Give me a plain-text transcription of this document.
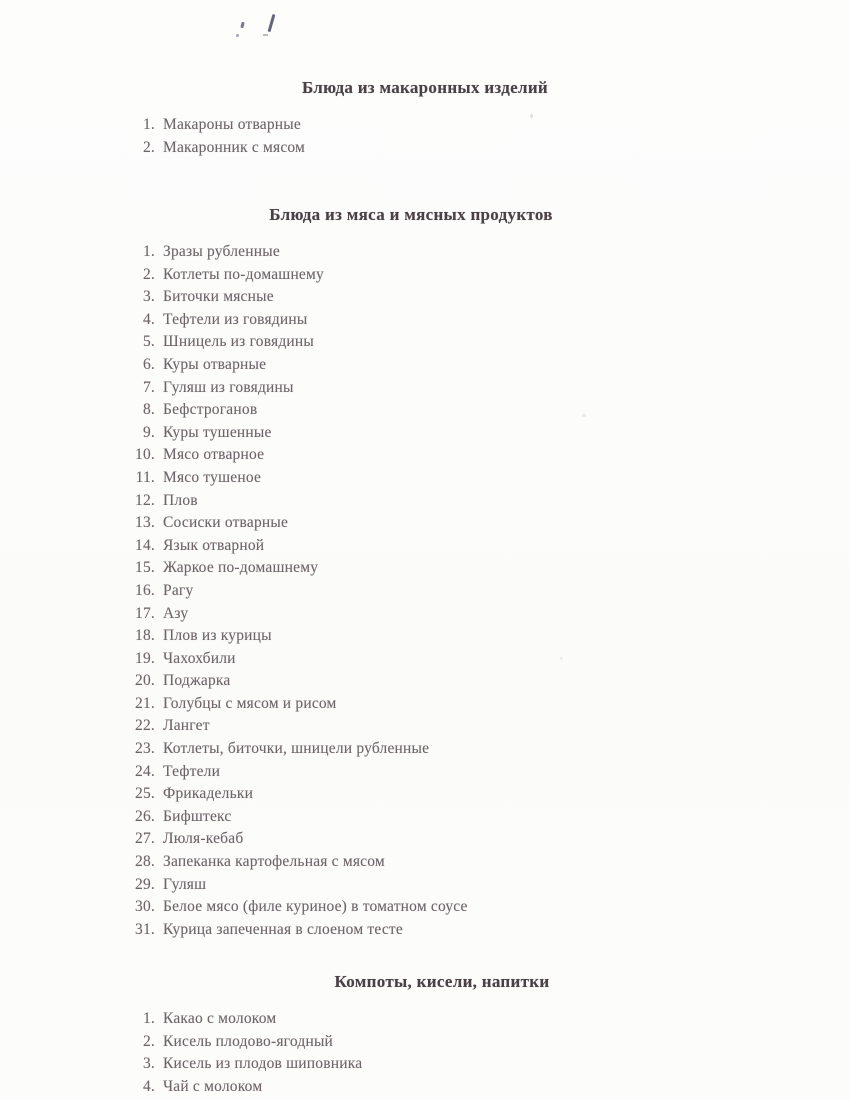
Блюда из макаронных изделий
1. Макароны отварные
2. Макаронник с мясом
Блюда из мяса и мясных продуктов
1. Зразы рубленные
2. Котлеты по-домашнему
3. Биточки мясные
4. Тефтели из говядины
5. Шницель из говядины
6. Куры отварные
7. Гуляш из говядины
8. Бефстроганов
9. Куры тушенные
10. Мясо отварное
11. Мясо тушеное
12. Плов
13. Сосиски отварные
14. Язык отварной
15. Жаркое по-домашнему
16. Рагу
17. Азу
18. Плов из курицы
19. Чахохбили
20. Поджарка
21. Голубцы с мясом и рисом
22. Лангет
23. Котлеты, биточки, шницели рубленные
24. Тефтели
25. Фрикадельки
26. Бифштекс
27. Люля-кебаб
28. Запеканка картофельная с мясом
29. Гуляш
30. Белое мясо (филе куриное) в томатном соусе
31. Курица запеченная в слоеном тесте
Компоты, кисели, напитки
1. Какао с молоком
2. Кисель плодово-ягодный
3. Кисель из плодов шиповника
4. Чай с молоком
